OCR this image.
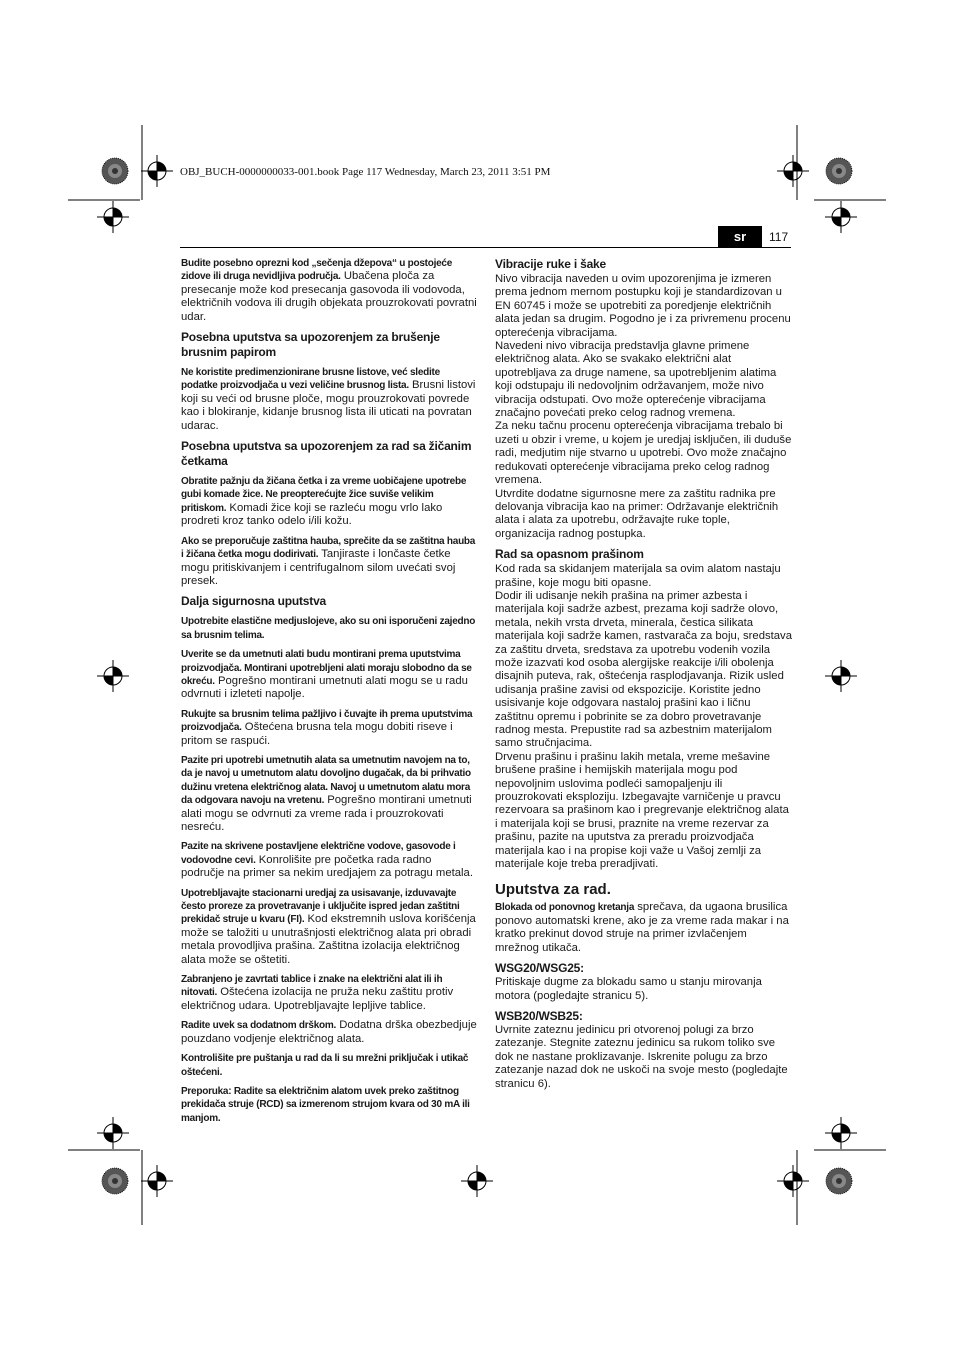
OBJ_BUCH-0000000033-001.book Page 117 Wednesday, March 23, 2011 3:51 PM
sr	117

Budite posebno oprezni kod „sečenja džepova“ u postojeće zidove ili druga nevidljiva područja. Ubačena ploča za presecanje može kod presecanja gasovoda ili vodovoda, električnih vodova ili drugih objekata prouzrokovati povratni udar.

Posebna uputstva sa upozorenjem za brušenje brusnim papirom

Ne koristite predimenzionirane brusne listove, već sledite podatke proizvodjača u vezi veličine brusnog lista. Brusni listovi koji su veći od brusne ploče, mogu prouzrokovati povrede kao i blokiranje, kidanje brusnog lista ili uticati na povratan udarac.

Posebna uputstva sa upozorenjem za rad sa žičanim četkama

Obratite pažnju da žičana četka i za vreme uobičajene upotrebe gubi komade žice. Ne preopterećujte žice suviše velikim pritiskom. Komadi žice koji se razleću mogu vrlo lako prodreti kroz tanko odelo i/ili kožu.

Ako se preporučuje zaštitna hauba, sprečite da se zaštitna hauba i žičana četka mogu dodirivati. Tanjiraste i lončaste četke mogu pritiskivanjem i centrifugalnom silom uvećati svoj presek.

Dalja sigurnosna uputstva

Upotrebite elastične medjuslojeve, ako su oni isporučeni zajedno sa brusnim telima.

Uverite se da umetnuti alati budu montirani prema uputstvima proizvodjača. Montirani upotrebljeni alati moraju slobodno da se okreću. Pogrešno montirani umetnuti alati mogu se u radu odvrnuti i izleteti napolje.

Rukujte sa brusnim telima pažljivo i čuvajte ih prema uputstvima proizvodjača. Oštećena brusna tela mogu dobiti riseve i pritom se raspući.

Pazite pri upotrebi umetnutih alata sa umetnutim navojem na to, da je navoj u umetnutom alatu dovoljno dugačak, da bi prihvatio dužinu vretena električnog alata. Navoj u umetnutom alatu mora da odgovara navoju na vretenu. Pogrešno montirani umetnuti alati mogu se odvrnuti za vreme rada i prouzrokovati nesreću.

Pazite na skrivene postavljene električne vodove, gasovode i vodovodne cevi. Konrolišite pre početka rada radno područje na primer sa nekim uredjajem za potragu metala.

Upotrebljavajte stacionarni uredjaj za usisavanje, izduvavajte često proreze za provetravanje i uključite ispred jedan zaštitni prekidač struje u kvaru (FI). Kod ekstremnih uslova korišćenja može se taložiti u unutrašnjosti električnog alata pri obradi metala provodljiva prašina. Zaštitna izolacija električnog alata može se oštetiti.

Zabranjeno je zavrtati tablice i znake na električni alat ili ih nitovati. Oštećena izolacija ne pruža neku zaštitu protiv električnog udara. Upotrebljavajte lepljive tablice.

Radite uvek sa dodatnom drškom. Dodatna drška obezbedjuje pouzdano vodjenje električnog alata.

Kontrolišite pre puštanja u rad da li su mrežni priključak i utikač oštećeni.

Preporuka: Radite sa električnim alatom uvek preko zaštitnog prekidača struje (RCD) sa izmerenom strujom kvara od 30 mA ili manjom.

Vibracije ruke i šake

Nivo vibracija naveden u ovim upozorenjima je izmeren prema jednom mernom postupku koji je standardizovan u EN 60745 i može se upotrebiti za poredjenje električnih alata jedan sa drugim. Pogodno je i za privremenu procenu opterećenja vibracijama.

Navedeni nivo vibracija predstavlja glavne primene električnog alata. Ako se svakako električni alat upotrebljava za druge namene, sa upotrebljenim alatima koji odstupaju ili nedovoljnim održavanjem, može nivo vibracija odstupati. Ovo može opterećenje vibracijama značajno povećati preko celog radnog vremena.

Za neku tačnu procenu opterećenja vibracijama trebalo bi uzeti u obzir i vreme, u kojem je uredjaj isključen, ili duduše radi, medjutim nije stvarno u upotrebi. Ovo može značajno redukovati opterećenje vibracijama preko celog radnog vremena.

Utvrdite dodatne sigurnosne mere za zaštitu radnika pre delovanja vibracija kao na primer: Održavanje električnih alata i alata za upotrebu, održavajte ruke tople, organizacija radnog postupka.

Rad sa opasnom prašinom

Kod rada sa skidanjem materijala sa ovim alatom nastaju prašine, koje mogu biti opasne.

Dodir ili udisanje nekih prašina na primer azbesta i materijala koji sadrže azbest, prezama koji sadrže olovo, metala, nekih vrsta drveta, minerala, čestica silikata materijala koji sadrže kamen, rastvarača za boju, sredstava za zaštitu drveta, sredstava za upotrebu vodenih vozila može izazvati kod osoba alergijske reakcije i/ili obolenja disajnih puteva, rak, oštećenja rasplodjavanja. Rizik usled udisanja prašine zavisi od ekspozicije. Koristite jedno usisivanje koje odgovara nastaloj prašini kao i ličnu zaštitnu opremu i pobrinite se za dobro provetravanje radnog mesta. Prepustite rad sa azbestnim materijalom samo stručnjacima.

Drvenu prašinu i prašinu lakih metala, vreme mešavine brušene prašine i hemijskih materijala mogu pod nepovoljnim uslovima podleći samopaljenju ili prouzrokovati eksploziju. Izbegavajte varničenje u pravcu rezervoara sa prašinom kao i pregrevanje električnog alata i materijala koji se brusi, praznite na vreme rezervar za prašinu, pazite na uputstva za preradu proizvodjača materijala kao i na propise koji važe u Vašoj zemlji za materijale koje treba preradjivati.

Uputstva za rad.

Blokada od ponovnog kretanja sprečava, da ugaona brusilica ponovo automatski krene, ako je za vreme rada makar i na kratko prekinut dovod struje na primer izvlačenjem mrežnog utikača.

WSG20/WSG25:

Pritiskaje dugme za blokadu samo u stanju mirovanja motora (pogledajte stranicu 5).

WSB20/WSB25:

Uvrnite zateznu jedinicu pri otvorenoj polugi za brzo zatezanje. Stegnite zateznu jedinicu sa rukom toliko sve dok ne nastane proklizavanje. Iskrenite polugu za brzo zatezanje nazad dok ne uskoči na svoje mesto (pogledajte stranicu 6).
